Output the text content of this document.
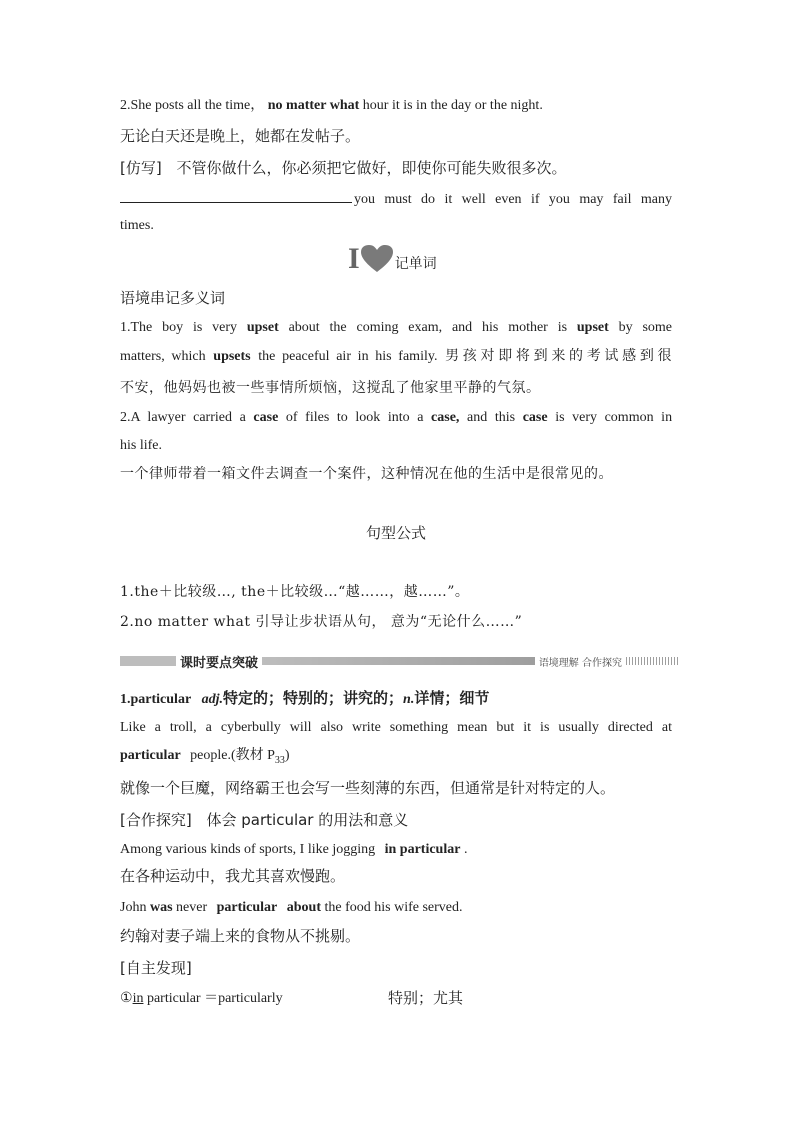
2.She posts all the time， no matter what hour it is in the day or the night.
无论白天还是晚上，她都在发帖子。
[仿写] 不管你做什么，你必须把它做好，即使你可能失败很多次。
you must do it well even if you may fail many
times.
I	记单词
语境串记多义词
1.The boy is very upset about the coming exam, and his mother is upset by some
matters, which upsets the peaceful air in his family. 男孩对即将到来的考试感到很
不安，他妈妈也被一些事情所烦恼，这搅乱了他家里平静的气氛。
2.A lawyer carried a case of files to look into a case, and this case is very common in
his life.
一个律师带着一箱文件去调查一个案件，这种情况在他的生活中是很常见的。
句型公式
1.the＋比较级…, the＋比较级…“越……，越……”。
2.no matter what 引导让步状语从句， 意为“无论什么……”
课时要点突破	语境理解 合作探究
1.particular adj.特定的；特别的；讲究的；n.详情；细节
Like a troll, a cyberbully will also write something mean but it is usually directed at
particular people.(教材 $P_{33}$)
就像一个巨魔，网络霸王也会写一些刻薄的东西，但通常是针对特定的人。
[合作探究] 体会 particular 的用法和意义
Among various kinds of sports, I like jogging in particular .
在各种运动中，我尤其喜欢慢跑。
John was never particular about the food his wife served.
约翰对妻子端上来的食物从不挑剔。
[自主发现]
①in particular ＝particularly	特别；尤其
